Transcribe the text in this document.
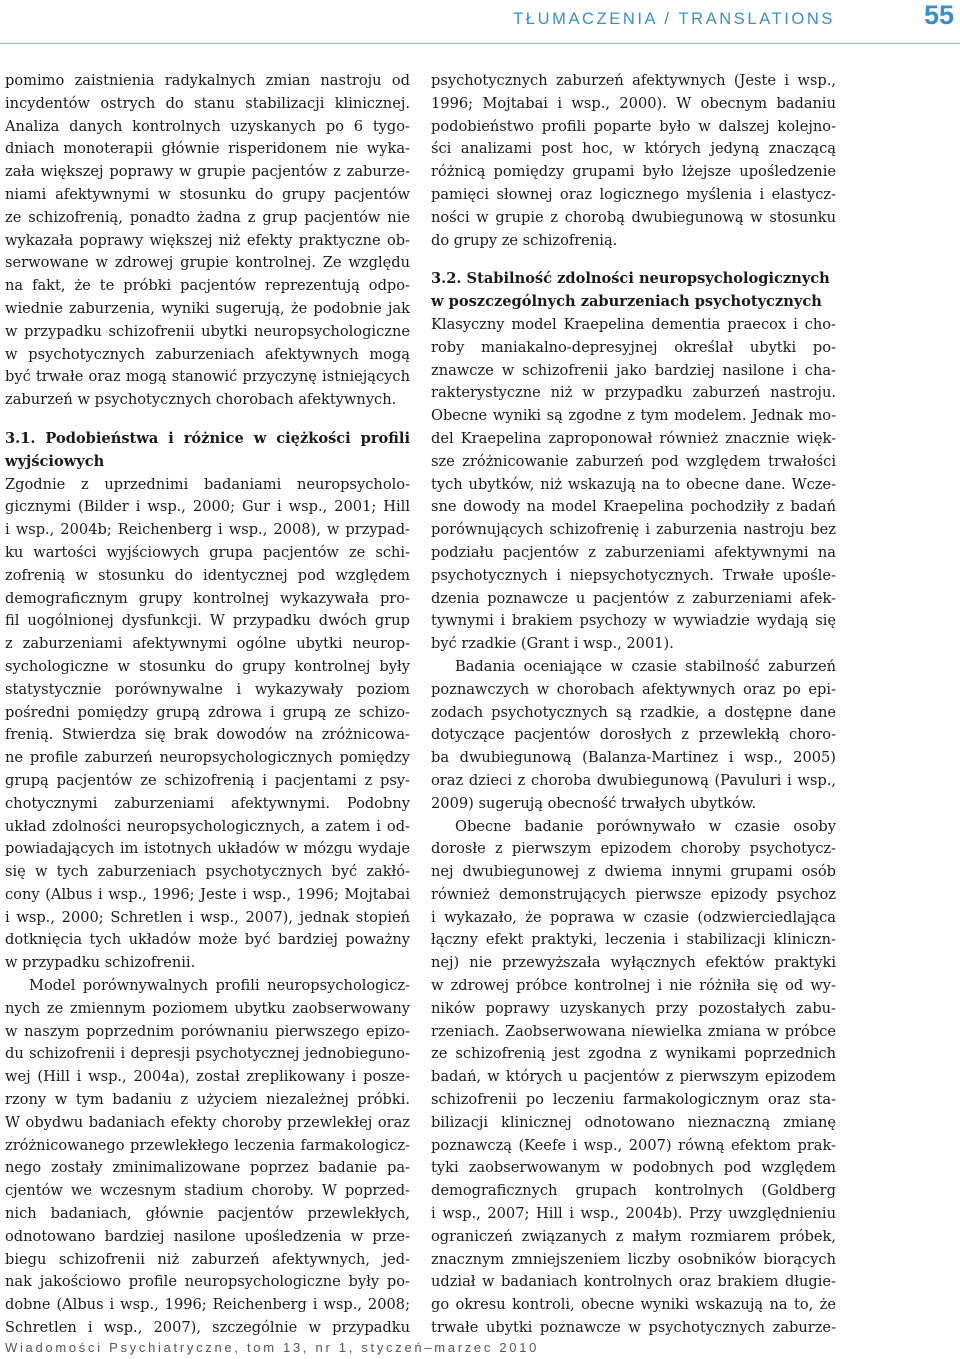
TŁUMACZENIA / TRANSLATIONS	55
pomimo zaistnienia radykalnych zmian nastroju od
incydentów ostrych do stanu stabilizacji klinicznej.
Analiza danych kontrolnych uzyskanych po 6 tygo-
dniach monoterapii głównie risperidonem nie wyka-
zała większej poprawy w grupie pacjentów z zaburze-
niami afektywnymi w stosunku do grupy pacjentów
ze schizofrenią, ponadto żadna z grup pacjentów nie
wykazała poprawy większej niż efekty praktyczne ob-
serwowane w zdrowej grupie kontrolnej. Ze względu
na fakt, że te próbki pacjentów reprezentują odpo-
wiednie zaburzenia, wyniki sugerują, że podobnie jak
w przypadku schizofrenii ubytki neuropsychologiczne
w psychotycznych zaburzeniach afektywnych mogą
być trwałe oraz mogą stanowić przyczynę istniejących
zaburzeń w psychotycznych chorobach afektywnych.
3.1. Podobieństwa i różnice w ciężkości profili
wyjściowych
Zgodnie z uprzednimi badaniami neuropsycholo-
gicznymi (Bilder i wsp., 2000; Gur i wsp., 2001; Hill
i wsp., 2004b; Reichenberg i wsp., 2008), w przypad-
ku wartości wyjściowych grupa pacjentów ze schi-
zofrenią w stosunku do identycznej pod względem
demograficznym grupy kontrolnej wykazywała pro-
fil uogólnionej dysfunkcji. W przypadku dwóch grup
z zaburzeniami afektywnymi ogólne ubytki neurop-
sychologiczne w stosunku do grupy kontrolnej były
statystycznie porównywalne i wykazywały poziom
pośredni pomiędzy grupą zdrowa i grupą ze schizo-
frenią. Stwierdza się brak dowodów na zróżnicowa-
ne profile zaburzeń neuropsychologicznych pomiędzy
grupą pacjentów ze schizofrenią i pacjentami z psy-
chotycznymi zaburzeniami afektywnymi. Podobny
układ zdolności neuropsychologicznych, a zatem i od-
powiadających im istotnych układów w mózgu wydaje
się w tych zaburzeniach psychotycznych być zakłó-
cony (Albus i wsp., 1996; Jeste i wsp., 1996; Mojtabai
i wsp., 2000; Schretlen i wsp., 2007), jednak stopień
dotknięcia tych układów może być bardziej poważny
w przypadku schizofrenii.
Model porównywalnych profili neuropsychologicz-
nych ze zmiennym poziomem ubytku zaobserwowany
w naszym poprzednim porównaniu pierwszego epizo-
du schizofrenii i depresji psychotycznej jednobieguno-
wej (Hill i wsp., 2004a), został zreplikowany i posze-
rzony w tym badaniu z użyciem niezależnej próbki.
W obydwu badaniach efekty choroby przewlekłej oraz
zróżnicowanego przewlekłego leczenia farmakologicz-
nego zostały zminimalizowane poprzez badanie pa-
cjentów we wczesnym stadium choroby. W poprzed-
nich badaniach, głównie pacjentów przewlekłych,
odnotowano bardziej nasilone upośledzenia w prze-
biegu schizofrenii niż zaburzeń afektywnych, jed-
nak jakościowo profile neuropsychologiczne były po-
dobne (Albus i wsp., 1996; Reichenberg i wsp., 2008;
Schretlen i wsp., 2007), szczególnie w przypadku
psychotycznych zaburzeń afektywnych (Jeste i wsp.,
1996; Mojtabai i wsp., 2000). W obecnym badaniu
podobieństwo profili poparte było w dalszej kolejno-
ści analizami post hoc, w których jedyną znaczącą
różnicą pomiędzy grupami było lżejsze upośledzenie
pamięci słownej oraz logicznego myślenia i elastycz-
ności w grupie z chorobą dwubiegunową w stosunku
do grupy ze schizofrenią.
3.2. Stabilność zdolności neuropsychologicznych
w poszczególnych zaburzeniach psychotycznych
Klasyczny model Kraepelina dementia praecox i cho-
roby maniakalno-depresyjnej określał ubytki po-
znawcze w schizofrenii jako bardziej nasilone i cha-
rakterystyczne niż w przypadku zaburzeń nastroju.
Obecne wyniki są zgodne z tym modelem. Jednak mo-
del Kraepelina zaproponował również znacznie więk-
sze zróżnicowanie zaburzeń pod względem trwałości
tych ubytków, niż wskazują na to obecne dane. Wcze-
sne dowody na model Kraepelina pochodziły z badań
porównujących schizofrenię i zaburzenia nastroju bez
podziału pacjentów z zaburzeniami afektywnymi na
psychotycznych i niepsychotycznych. Trwałe upośle-
dzenia poznawcze u pacjentów z zaburzeniami afek-
tywnymi i brakiem psychozy w wywiadzie wydają się
być rzadkie (Grant i wsp., 2001).
Badania oceniające w czasie stabilność zaburzeń
poznawczych w chorobach afektywnych oraz po epi-
zodach psychotycznych są rzadkie, a dostępne dane
dotyczące pacjentów dorosłych z przewlekłą choro-
ba dwubiegunową (Balanza-Martinez i wsp., 2005)
oraz dzieci z choroba dwubiegunową (Pavuluri i wsp.,
2009) sugerują obecność trwałych ubytków.
Obecne badanie porównywało w czasie osoby
dorosłe z pierwszym epizodem choroby psychotycz-
nej dwubiegunowej z dwiema innymi grupami osób
również demonstrujących pierwsze epizody psychoz
i wykazało, że poprawa w czasie (odzwierciedlająca
łączny efekt praktyki, leczenia i stabilizacji kliniczn-
nej) nie przewyższała wyłącznych efektów praktyki
w zdrowej próbce kontrolnej i nie różniła się od wy-
ników poprawy uzyskanych przy pozostałych zabu-
rzeniach. Zaobserwowana niewielka zmiana w próbce
ze schizofrenią jest zgodna z wynikami poprzednich
badań, w których u pacjentów z pierwszym epizodem
schizofrenii po leczeniu farmakologicznym oraz sta-
bilizacji klinicznej odnotowano nieznaczną zmianę
poznawczą (Keefe i wsp., 2007) równą efektom prak-
tyki zaobserwowanym w podobnych pod względem
demograficznych grupach kontrolnych (Goldberg
i wsp., 2007; Hill i wsp., 2004b). Przy uwzględnieniu
ograniczeń związanych z małym rozmiarem próbek,
znacznym zmniejszeniem liczby osobników biorących
udział w badaniach kontrolnych oraz brakiem długie-
go okresu kontroli, obecne wyniki wskazują na to, że
trwałe ubytki poznawcze w psychotycznych zaburze-
Wiadomości Psychiatryczne, tom 13, nr 1, styczeń–marzec 2010
